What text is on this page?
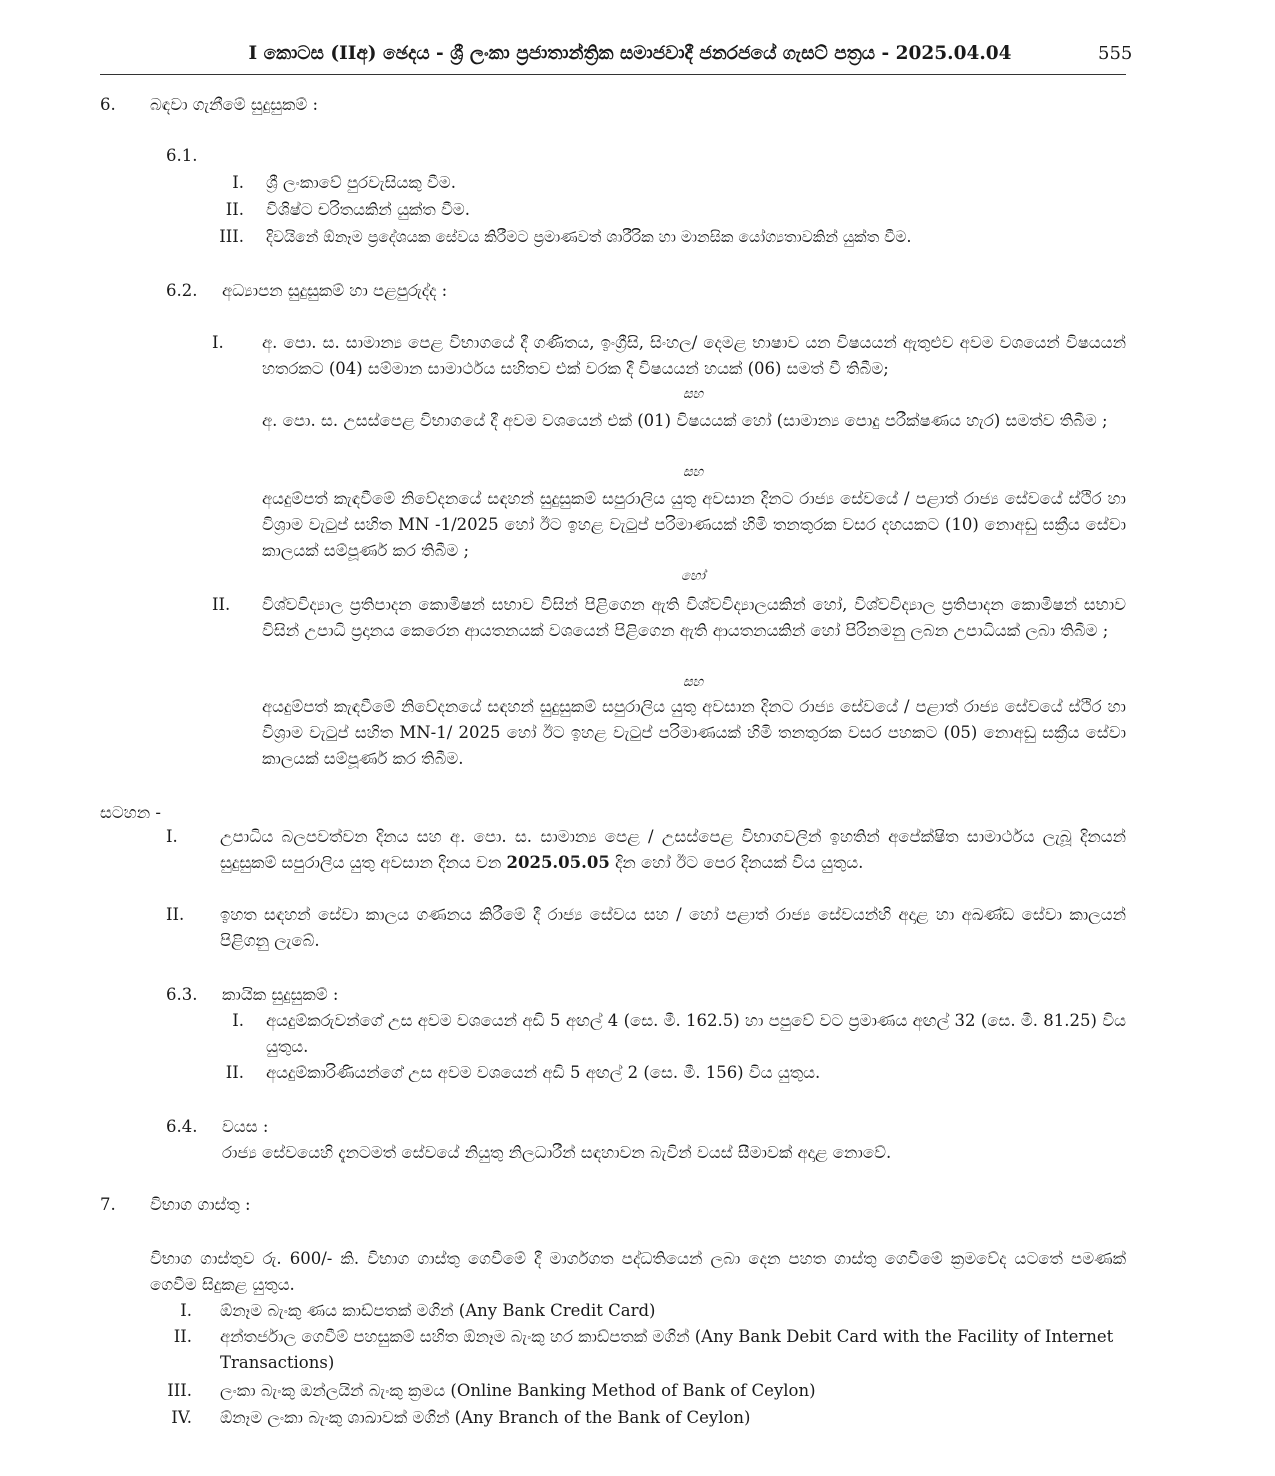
I කොටස (IIඅ) ඡෙදය - ශ්‍රී ලංකා ප්‍රජාතාන්ත්‍රික සමාජවාදී ජනරජයේ ගැසට් පත්‍රය - 2025.04.04	555
6. බඳවා ගැනීමේ සුදුසුකම් :
6.1.
I. ශ්‍රී ලංකාවේ පුරවැසියකු වීම.
II. විශිෂ්ට චරිතයකින් යුක්ත වීම.
III. දිවයිනේ ඕනෑම ප්‍රදේශයක සේවය කිරීමට ප්‍රමාණවත් ශාරීරික හා මානසික යෝග්‍යතාවකින් යුක්ත වීම.
6.2. අධ්‍යාපන සුදුසුකම් හා පළපුරුද්ද :
I. අ. පො. ස. සාමාන්‍ය පෙළ විභාගයේ දී ගණිතය, ඉංග්‍රීසි, සිංහල/ දෙමළ භාෂාව යන විෂයයන් ඇතුළුව අවම වශයෙන් විෂයයන් හතරකට (04) සම්මාන සාමාර්ථය සහිතව එක් වරක දී විෂයයන් හයක් (06) සමත් වී තිබීම;
සහ
අ. පො. ස. උසස්පෙළ විභාගයේ දී අවම වශයෙන් එක් (01) විෂයයක් හෝ (සාමාන්‍ය පොදු පරීක්ෂණය හැර) සමත්ව තිබීම ;
සහ
අයදුම්පත් කැඳවීමේ නිවේදනයේ සඳහන් සුදුසුකම් සපුරාලිය යුතු අවසාන දිනට රාජ්‍ය සේවයේ / පළාත් රාජ්‍ය සේවයේ ස්ථිර හා විශ්‍රාම වැටුප් සහිත MN -1/2025 හෝ ඊට ඉහළ වැටුප් පරිමාණයක් හිමි තනතුරක වසර දහයකට (10) නොඅඩු සක්‍රීය සේවා කාලයක් සම්පූර්ණ කර තිබීම ;
හෝ
II. විශ්වවිද්‍යාල ප්‍රතිපාදන කොමිෂන් සභාව විසින් පිළිගෙන ඇති විශ්වවිද්‍යාලයකින් හෝ, විශ්වවිද්‍යාල ප්‍රතිපාදන කොමිෂන් සභාව විසින් උපාධි ප්‍රදානය කෙරෙන ආයතනයක් වශයෙන් පිළිගෙන ඇති ආයතනයකින් හෝ පිරිනමනු ලබන උපාධියක් ලබා තිබීම ;
සහ
අයදුම්පත් කැඳවීමේ නිවේදනයේ සඳහන් සුදුසුකම් සපුරාලිය යුතු අවසාන දිනට රාජ්‍ය සේවයේ / පළාත් රාජ්‍ය සේවයේ ස්ථිර හා විශ්‍රාම වැටුප් සහිත MN-1/ 2025 හෝ ඊට ඉහළ වැටුප් පරිමාණයක් හිමි තනතුරක වසර පහකට (05) නොඅඩු සක්‍රීය සේවා කාලයක් සම්පූර්ණ කර තිබීම.
සටහන -
I.	උපාධිය බලපවත්වන දිනය සහ අ. පො. ස. සාමාන්‍ය පෙළ / උසස්පෙළ විභාගවලින් ඉහතින් අපේක්ෂිත සාමාර්ථය ලැබූ දිනයන් සුදුසුකම් සපුරාලිය යුතු අවසාන දිනය වන 2025.05.05 දින හෝ ඊට පෙර දිනයක් විය යුතුය.
II. ඉහත සඳහන් සේවා කාලය ගණනය කිරීමේ දී රාජ්‍ය සේවය සහ / හෝ පළාත් රාජ්‍ය සේවයන්හි අදාළ හා අඛණ්ඩ සේවා කාලයන් පිළිගනු ලැබේ.
6.3. කායික සුදුසුකම් :
I. අයදුම්කරුවන්ගේ උස අවම වශයෙන් අඩි 5 අඟල් 4 (සෙ. මී. 162.5) හා පපුවේ වට ප්‍රමාණය අඟල් 32 (සෙ. මී. 81.25) විය යුතුය.
II. අයදුම්කාරිණියන්ගේ උස අවම වශයෙන් අඩි 5 අඟල් 2 (සෙ. මී. 156) විය යුතුය.
6.4. වයස :
රාජ්‍ය සේවයෙහි දැනටමත් සේවයේ නියුතු නිලධාරීන් සඳහාවන බැවින් වයස් සීමාවක් අදාළ නොවේ.
7. විභාග ගාස්තු :
විභාග ගාස්තුව රු. 600/- කි. විභාග ගාස්තු ගෙවීමේ දී මාර්ගගත පද්ධතියෙන් ලබා දෙන පහත ගාස්තු ගෙවීමේ ක්‍රමවේද යටතේ පමණක් ගෙවීම සිදුකළ යුතුය.
I. ඕනෑම බැංකු ණය කාඩ්පතක් මගින් (Any Bank Credit Card)
II. අන්තර්ජාල ගෙවීම් පහසුකම් සහිත ඕනෑම බැංකු හර කාඩ්පතක් මගින් (Any Bank Debit Card with the Facility of Internet Transactions)
III. ලංකා බැංකු ඔන්ලයින් බැංකු ක්‍රමය (Online Banking Method of Bank of Ceylon)
IV. ඕනෑම ලංකා බැංකු ශාඛාවක් මගින් (Any Branch of the Bank of Ceylon)
